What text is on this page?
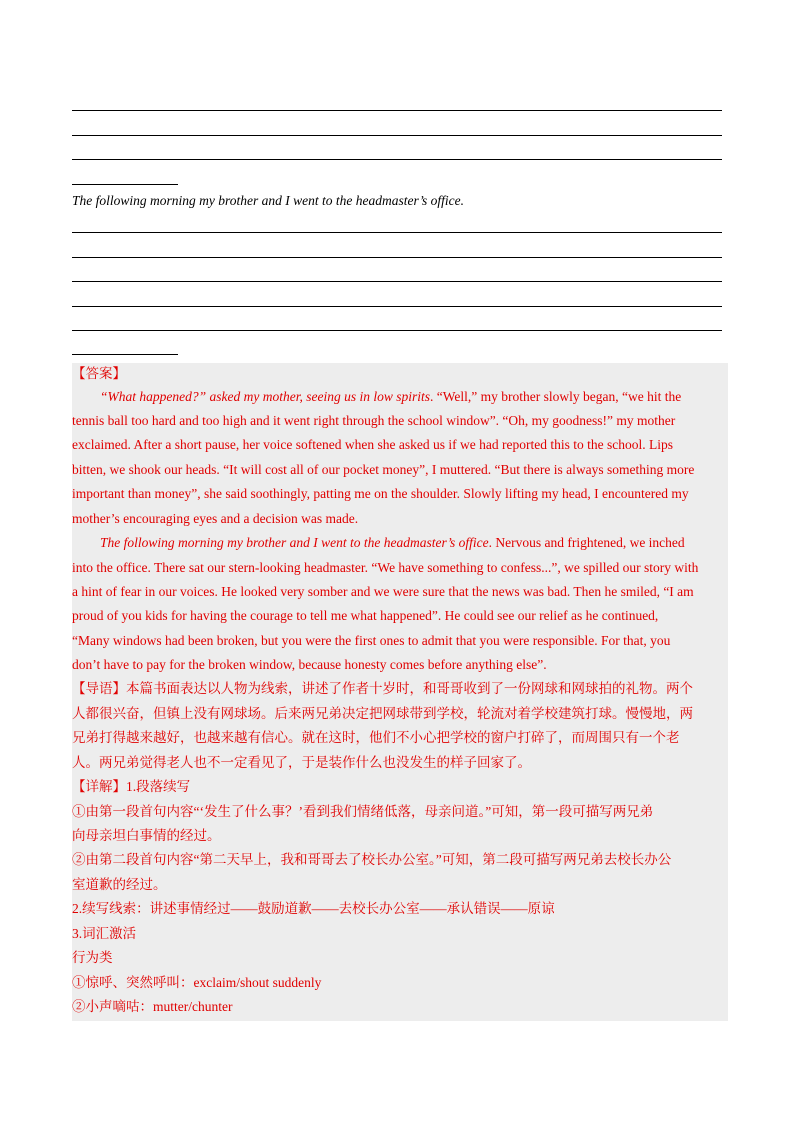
The following morning my brother and I went to the headmaster’s office.
【答案】
“What happened?” asked my mother, seeing us in low spirits. “Well,” my brother slowly began, “we hit the
tennis ball too hard and too high and it went right through the school window”. “Oh, my goodness!” my mother
exclaimed. After a short pause, her voice softened when she asked us if we had reported this to the school. Lips
bitten, we shook our heads. “It will cost all of our pocket money”, I muttered. “But there is always something more
important than money”, she said soothingly, patting me on the shoulder. Slowly lifting my head, I encountered my
mother’s encouraging eyes and a decision was made.
The following morning my brother and I went to the headmaster’s office. Nervous and frightened, we inched
into the office. There sat our stern-looking headmaster. “We have something to confess...”, we spilled our story with
a hint of fear in our voices. He looked very somber and we were sure that the news was bad. Then he smiled, “I am
proud of you kids for having the courage to tell me what happened”. He could see our relief as he continued,
“Many windows had been broken, but you were the first ones to admit that you were responsible. For that, you
don’t have to pay for the broken window, because honesty comes before anything else”.
【导语】本篇书面表达以人物为线索，讲述了作者十岁时，和哥哥收到了一份网球和网球拍的礼物。两个
人都很兴奋，但镇上没有网球场。后来两兄弟决定把网球带到学校，轮流对着学校建筑打球。慢慢地，两
兄弟打得越来越好，也越来越有信心。就在这时，他们不小心把学校的窗户打碎了，而周围只有一个老
人。两兄弟觉得老人也不一定看见了，于是装作什么也没发生的样子回家了。
【详解】1.段落续写
①由第一段首句内容“‘发生了什么事？’看到我们情绪低落，母亲问道。”可知，第一段可描写两兄弟
向母亲坦白事情的经过。
②由第二段首句内容“第二天早上，我和哥哥去了校长办公室。”可知，第二段可描写两兄弟去校长办公
室道歉的经过。
2.续写线索：讲述事情经过——鼓励道歉——去校长办公室——承认错误——原谅
3.词汇激活
行为类
①惊呼、突然呼叫：exclaim/shout suddenly
②小声嘀咕：mutter/chunter
